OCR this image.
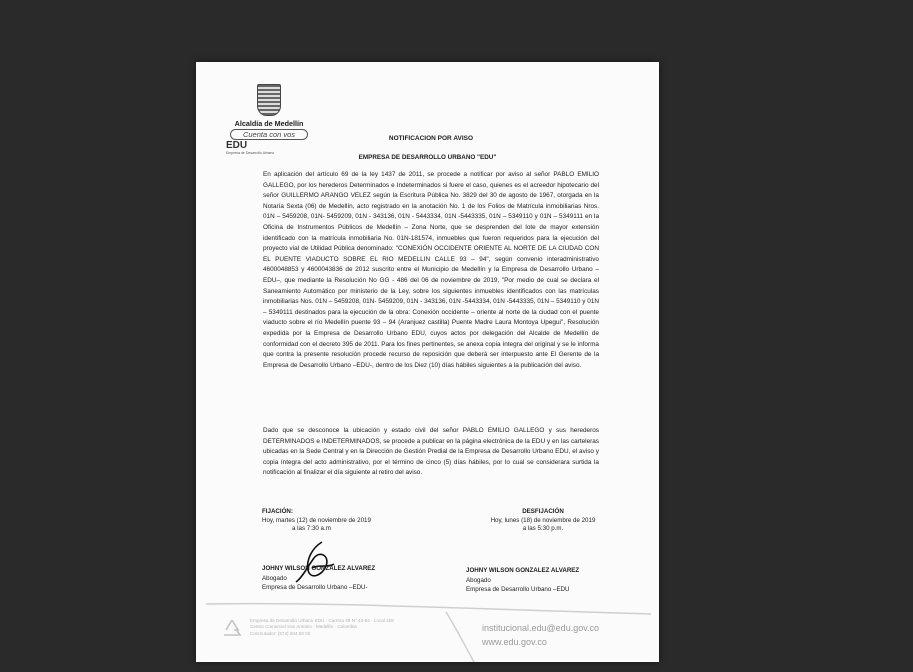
Alcaldía de Medellín
Cuenta con vos
EDU
Empresa de Desarrollo Urbano
NOTIFICACION POR AVISO
EMPRESA DE DESARROLLO URBANO "EDU"

En aplicación del artículo 69 de la ley 1437 de 2011, se procede a notificar por aviso al señor PABLO EMILIO GALLEGO, por los herederos Determinados e Indeterminados si fuere el caso, quienes es el acreedor hipotecario del señor GUILLERMO ARANGO VELEZ según la Escritura Pública No. 3829 del 30 de agosto de 1967, otorgada en la Notaría Sexta (06) de Medellín, acto registrado en la anotación No. 1 de los Folios de Matrícula inmobiliarias Nros. 01N – 5459208, 01N- 5459209, 01N - 343136, 01N - 5443334, 01N -5443335, 01N – 5349110 y 01N – 5349111 en la Oficina de Instrumentos Públicos de Medellín – Zona Norte, que se desprenden del lote de mayor extensión identificado con la matrícula inmobiliaria No. 01N-181574, inmuebles que fueron requeridos para la ejecución del proyecto vial de Utilidad Pública denominado: "CONEXIÓN OCCIDENTE ORIENTE AL NORTE DE LA CIUDAD CON EL PUENTE VIADUCTO SOBRE EL RIO MEDELLIN CALLE 93 – 94", según convenio interadministrativo 4600048853 y 4600043836 de 2012 suscrito entre el Municipio de Medellín y la Empresa de Desarrollo Urbano –EDU–, que mediante la Resolución No GG - 486 del 06 de noviembre de 2019, "Por medio de cual se declara el Saneamiento Automático por ministerio de la Ley, sobre los siguientes inmuebles identificados con las matrículas inmobiliarias Nos. 01N – 5459208, 01N- 5459209, 01N - 343136, 01N -5443334, 01N -5443335, 01N – 5349110 y 01N – 5349111 destinados para la ejecución de la obra: Conexión occidente – oriente al norte de la ciudad con el puente viaducto sobre el río Medellín puente 93 – 94 (Aranjuez castilla) Puente Madre Laura Montoya Upegui", Resolución expedida por la Empresa de Desarrollo Urbano EDU, cuyos actos por delegación del Alcalde de Medellín de conformidad con el decreto 395 de 2011. Para los fines pertinentes, se anexa copia íntegra del original y se le informa que contra la presente resolución procede recurso de reposición que deberá ser interpuesto ante El Gerente de la Empresa de Desarrollo Urbano –EDU-, dentro de los Diez (10) días hábiles siguientes a la publicación del aviso.

Dado que se desconoce la ubicación y estado civil del señor PABLO EMILIO GALLEGO y sus herederos DETERMINADOS e INDETERMINADOS, se procede a publicar en la página electrónica de la EDU y en las carteleras ubicadas en la Sede Central y en la Dirección de Gestión Predial de la Empresa de Desarrollo Urbano EDU, el aviso y copia íntegra del acto administrativo, por el término de cinco (5) días hábiles, por lo cual se considerara surtida la notificación al finalizar el día siguiente al retiro del aviso.

FIJACIÓN:
Hoy, martes (12) de noviembre de 2019
a las 7:30 a.m
DESFIJACIÓN
Hoy, lunes (18) de noviembre de 2019
a las 5:30 p.m.
JOHNY WILSON GONZALEZ ALVAREZ
Abogado
Empresa de Desarrollo Urbano –EDU-
JOHNY WILSON GONZALEZ ALVAREZ
Abogado
Empresa de Desarrollo Urbano –EDU
Empresa de Desarrollo Urbano EDU · Carrera 49 N° 44-94 · Local 158
Centro Comercial San Antonio · Medellín · Colombia
Conmutador: (574) 604 50 00
institucional.edu@edu.gov.co
www.edu.gov.co
